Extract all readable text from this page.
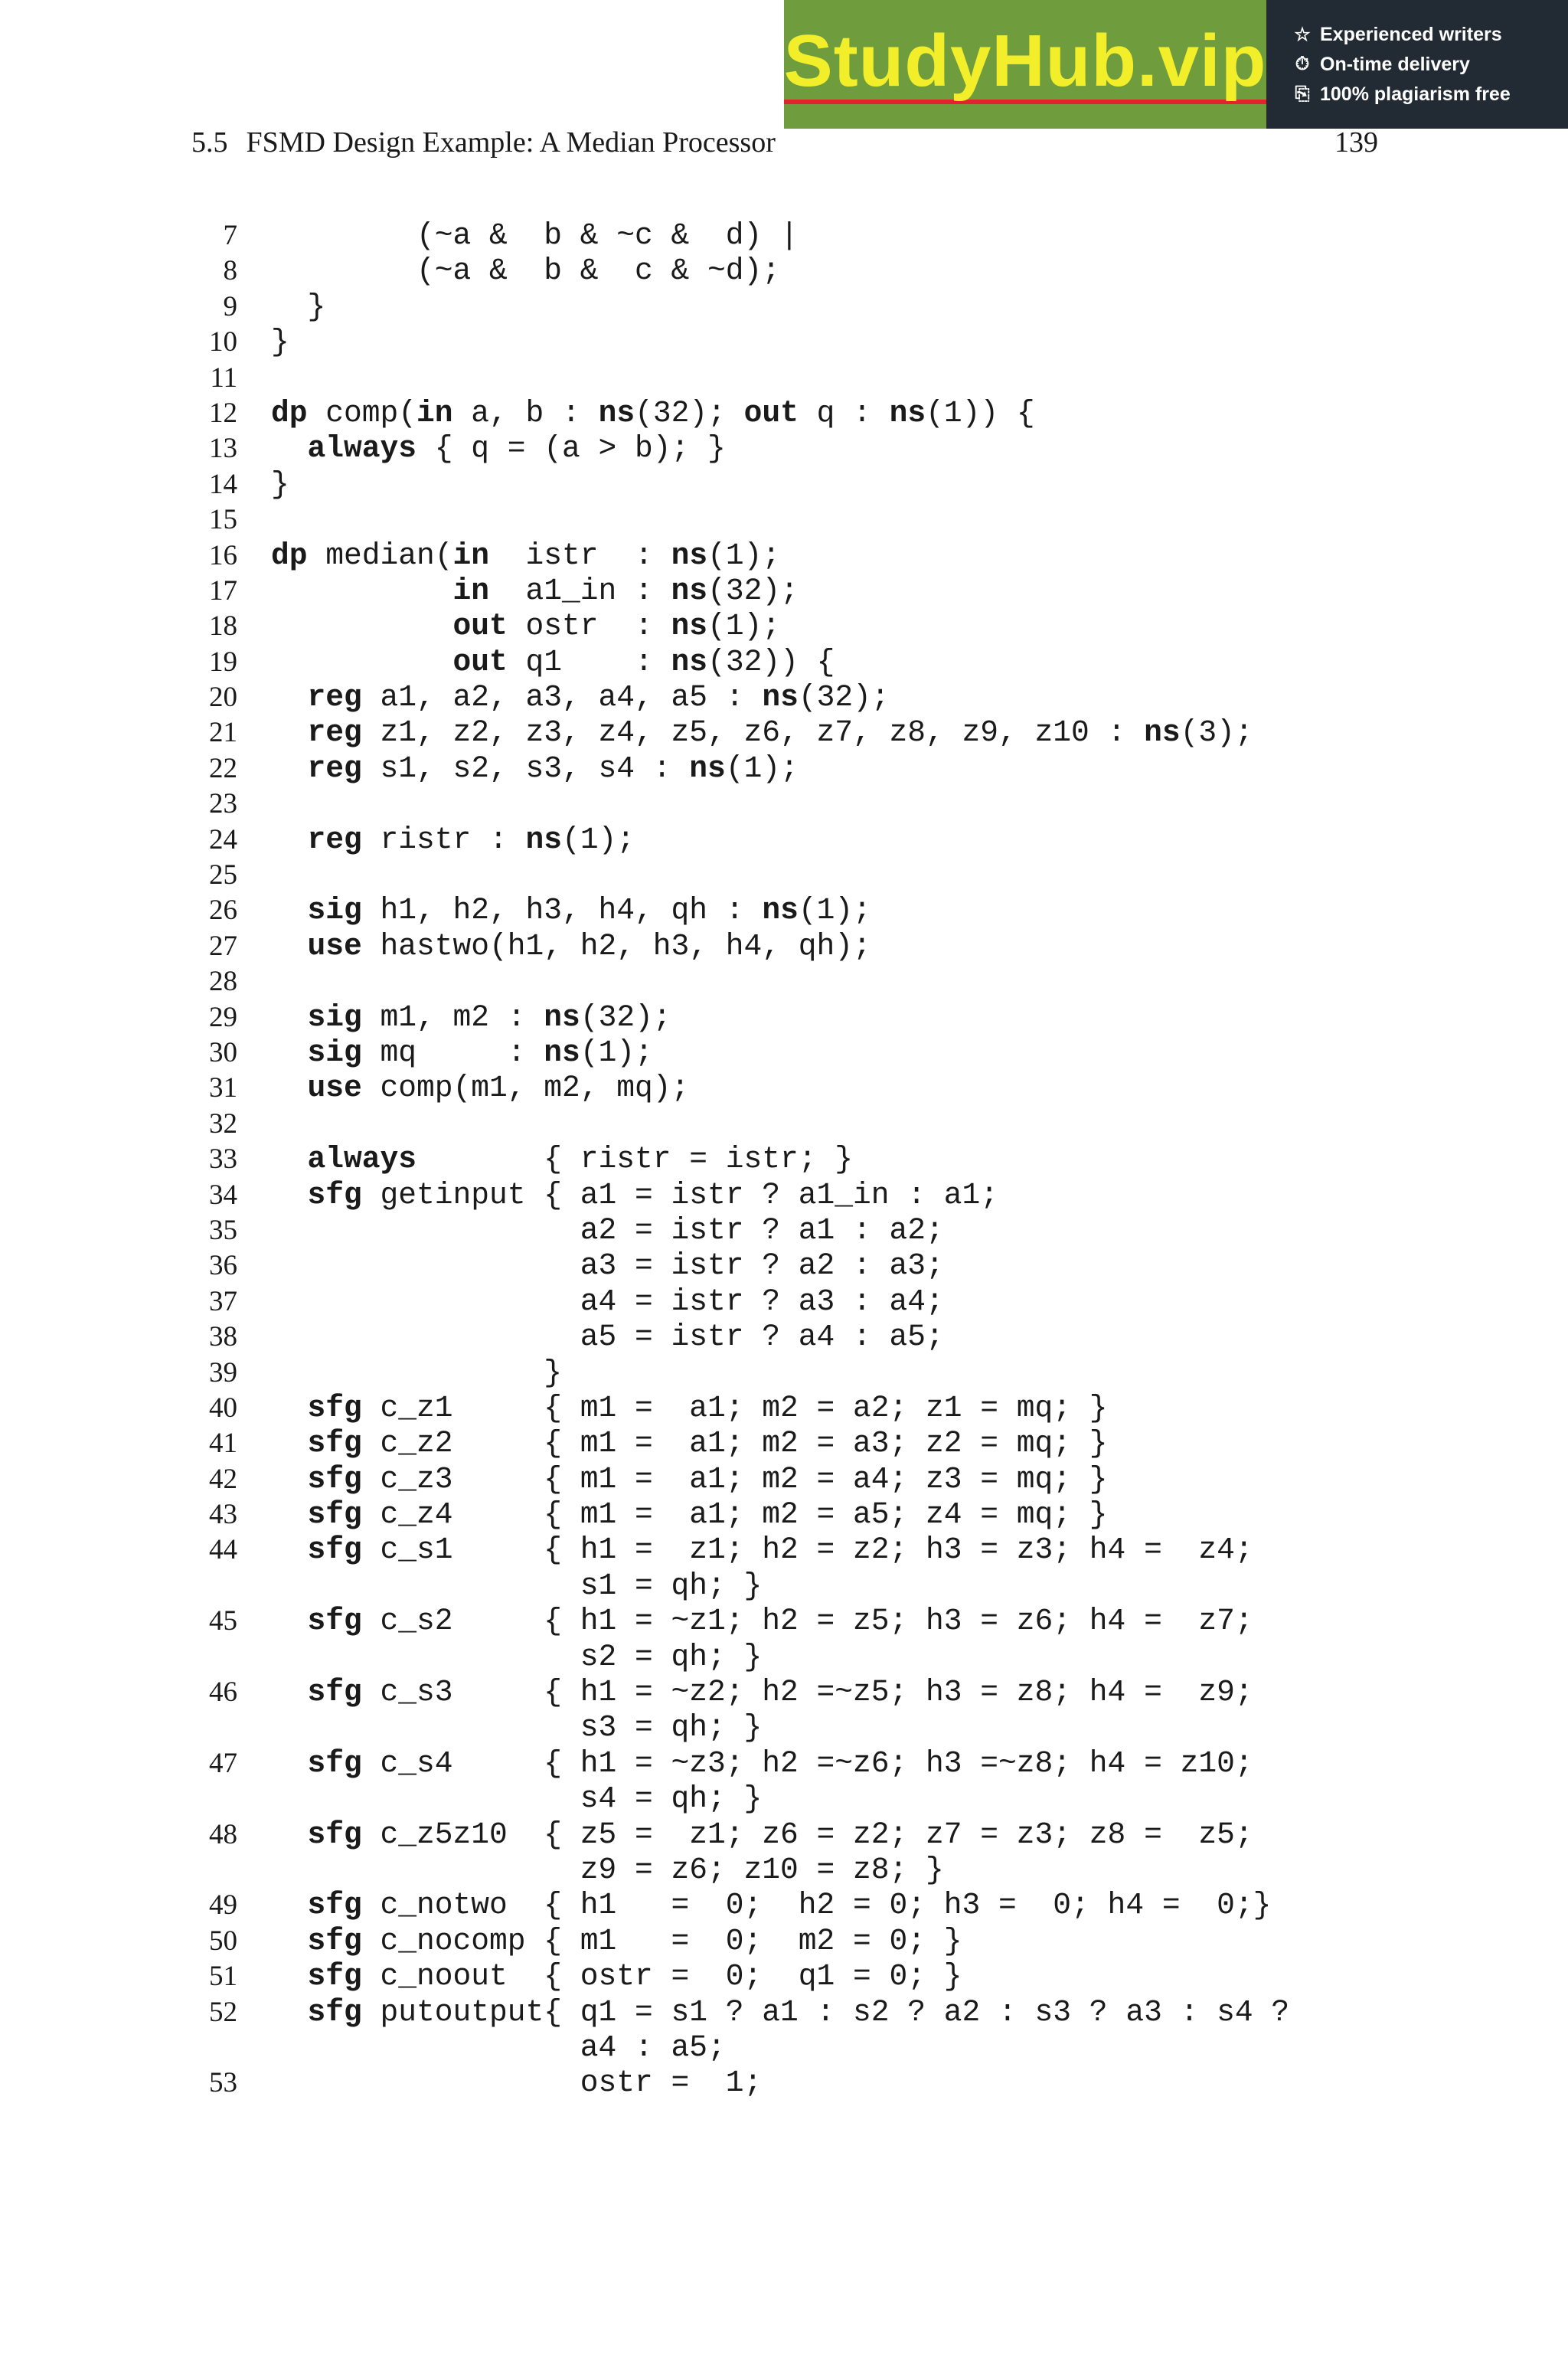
StudyHub.vip ☆ Experienced writers
⏱ On-time delivery
⎘ 100% plagiarism free
5.5 FSMD Design Example: A Median Processor	139
7 (~a &  b & ~c &  d) |
8 (~a &  b &  c & ~d);
9 }
10 }
11
12 dp comp(in a, b : ns(32); out q : ns(1)) {
13	always { q = (a > b); }
14 }
15
16 dp median(in  istr  : ns(1);
17	in  a1_in : ns(32);
18	out ostr  : ns(1);
19	out q1    : ns(32)) {
20	reg a1, a2, a3, a4, a5 : ns(32);
21	reg z1, z2, z3, z4, z5, z6, z7, z8, z9, z10 : ns(3);
22	reg s1, s2, s3, s4 : ns(1);
23
24	reg ristr : ns(1);
25
26	sig h1, h2, h3, h4, qh : ns(1);
27	use hastwo(h1, h2, h3, h4, qh);
28
29	sig m1, m2 : ns(32);
30	sig mq     : ns(1);
31	use comp(m1, m2, mq);
32
33	always       { ristr = istr; }
34	sfg getinput { a1 = istr ? a1_in : a1;
35 a2 = istr ? a1 : a2;
36 a3 = istr ? a2 : a3;
37 a4 = istr ? a3 : a4;
38 a5 = istr ? a4 : a5;
39 }
40	sfg c_z1     { m1 =  a1; m2 = a2; z1 = mq; }
41	sfg c_z2     { m1 =  a1; m2 = a3; z2 = mq; }
42	sfg c_z3     { m1 =  a1; m2 = a4; z3 = mq; }
43	sfg c_z4     { m1 =  a1; m2 = a5; z4 = mq; }
44	sfg c_s1     { h1 =  z1; h2 = z2; h3 = z3; h4 =  z4;
s1 = qh; }
45	sfg c_s2     { h1 = ~z1; h2 = z5; h3 = z6; h4 =  z7;
s2 = qh; }
46	sfg c_s3     { h1 = ~z2; h2 =~z5; h3 = z8; h4 =  z9;
s3 = qh; }
47	sfg c_s4     { h1 = ~z3; h2 =~z6; h3 =~z8; h4 = z10;
s4 = qh; }
48	sfg c_z5z10  { z5 =  z1; z6 = z2; z7 = z3; z8 =  z5;
z9 = z6; z10 = z8; }
49	sfg c_notwo  { h1   =  0;  h2 = 0; h3 =  0; h4 =  0;}
50	sfg c_nocomp { m1   =  0;  m2 = 0; }
51	sfg c_noout  { ostr =  0;  q1 = 0; }
52	sfg putoutput{ q1 = s1 ? a1 : s2 ? a2 : s3 ? a3 : s4 ?
a4 : a5;
53 ostr =  1;
